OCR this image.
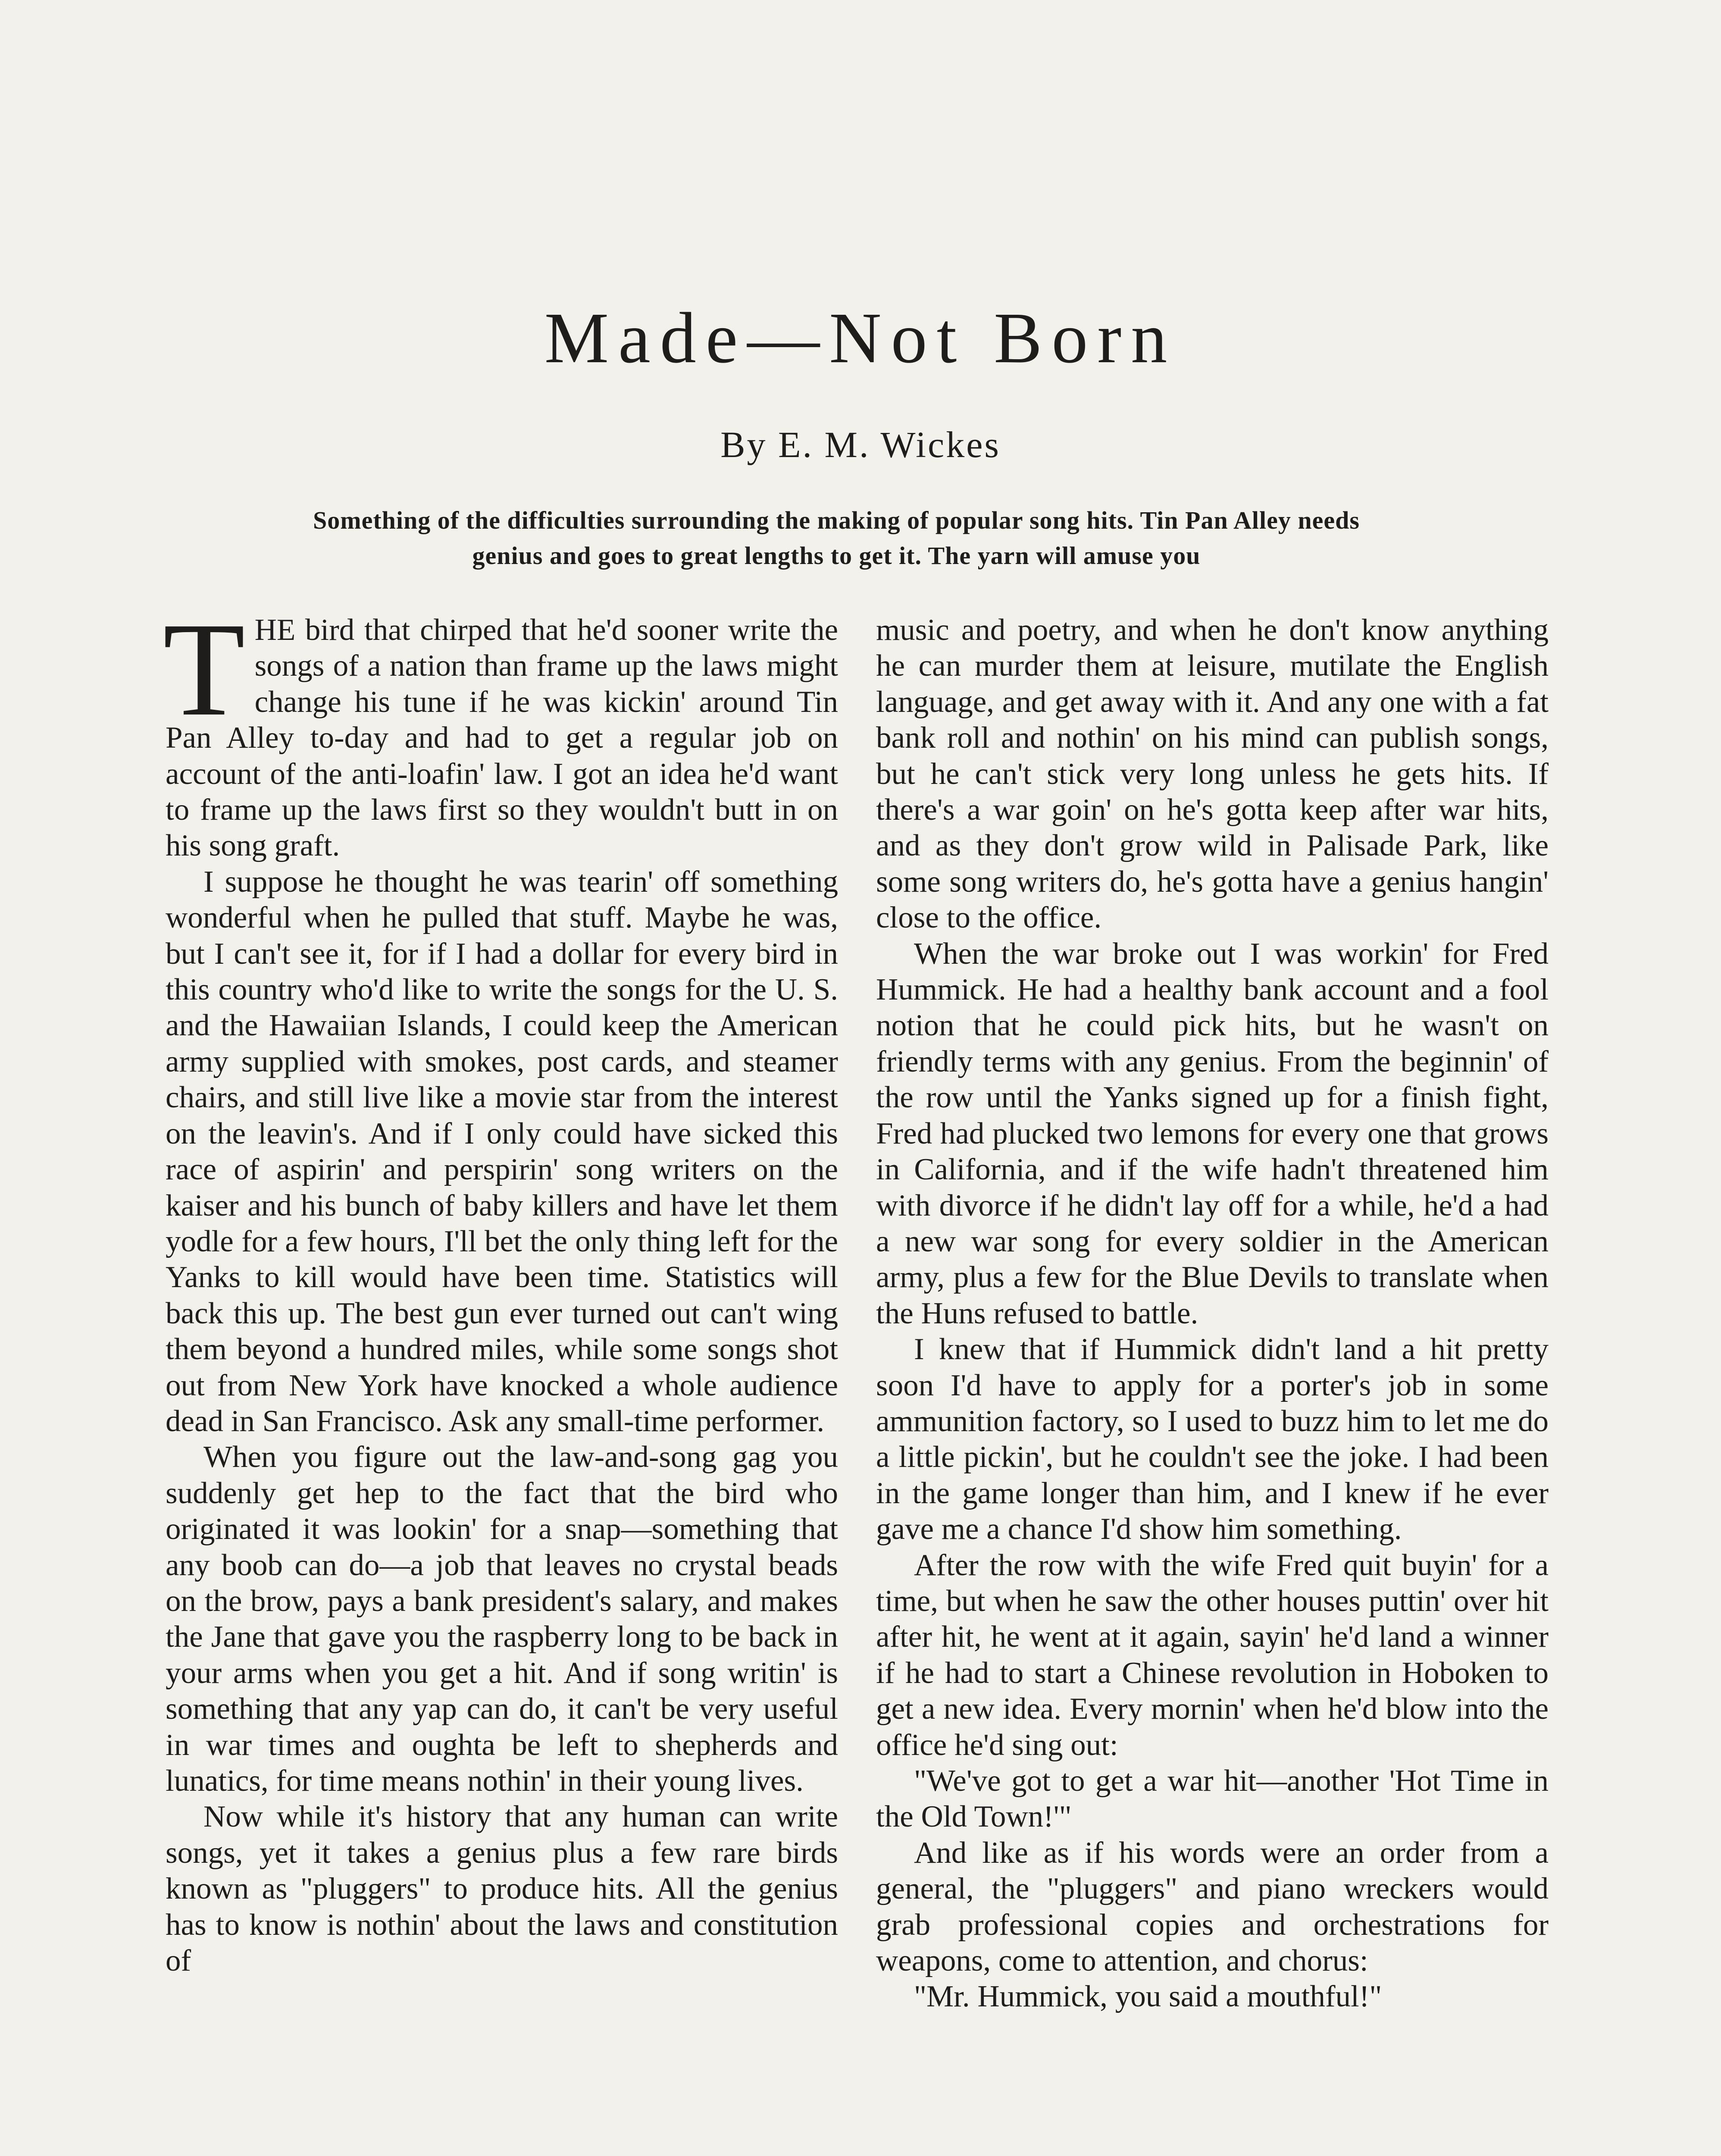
Made—Not Born
By E. M. Wickes
Something of the difficulties surrounding the making of popular song hits. Tin Pan Alley needs genius and goes to great lengths to get it. The yarn will amuse you

THE bird that chirped that he'd sooner write the songs of a nation than frame up the laws might change his tune if he was kickin' around Tin Pan Alley to-day and had to get a regular job on account of the anti-loafin' law. I got an idea he'd want to frame up the laws first so they wouldn't butt in on his song graft.

I suppose he thought he was tearin' off something wonderful when he pulled that stuff. Maybe he was, but I can't see it, for if I had a dollar for every bird in this country who'd like to write the songs for the U. S. and the Hawaiian Islands, I could keep the American army supplied with smokes, post cards, and steamer chairs, and still live like a movie star from the interest on the leavin's. And if I only could have sicked this race of aspirin' and perspirin' song writers on the kaiser and his bunch of baby killers and have let them yodle for a few hours, I'll bet the only thing left for the Yanks to kill would have been time. Statistics will back this up. The best gun ever turned out can't wing them beyond a hundred miles, while some songs shot out from New York have knocked a whole audience dead in San Francisco. Ask any small-time performer.

When you figure out the law-and-song gag you suddenly get hep to the fact that the bird who originated it was lookin' for a snap—something that any boob can do—a job that leaves no crystal beads on the brow, pays a bank president's salary, and makes the Jane that gave you the raspberry long to be back in your arms when you get a hit. And if song writin' is something that any yap can do, it can't be very useful in war times and oughta be left to shepherds and lunatics, for time means nothin' in their young lives.

Now while it's history that any human can write songs, yet it takes a genius plus a few rare birds known as "pluggers" to produce hits. All the genius has to know is nothin' about the laws and constitution of

music and poetry, and when he don't know anything he can murder them at leisure, mutilate the English language, and get away with it. And any one with a fat bank roll and nothin' on his mind can publish songs, but he can't stick very long unless he gets hits. If there's a war goin' on he's gotta keep after war hits, and as they don't grow wild in Palisade Park, like some song writers do, he's gotta have a genius hangin' close to the office.

When the war broke out I was workin' for Fred Hummick. He had a healthy bank account and a fool notion that he could pick hits, but he wasn't on friendly terms with any genius. From the beginnin' of the row until the Yanks signed up for a finish fight, Fred had plucked two lemons for every one that grows in California, and if the wife hadn't threatened him with divorce if he didn't lay off for a while, he'd a had a new war song for every soldier in the American army, plus a few for the Blue Devils to translate when the Huns refused to battle.

I knew that if Hummick didn't land a hit pretty soon I'd have to apply for a porter's job in some ammunition factory, so I used to buzz him to let me do a little pickin', but he couldn't see the joke. I had been in the game longer than him, and I knew if he ever gave me a chance I'd show him something.

After the row with the wife Fred quit buyin' for a time, but when he saw the other houses puttin' over hit after hit, he went at it again, sayin' he'd land a winner if he had to start a Chinese revolution in Hoboken to get a new idea. Every mornin' when he'd blow into the office he'd sing out:

"We've got to get a war hit—another 'Hot Time in the Old Town!'"

And like as if his words were an order from a general, the "pluggers" and piano wreckers would grab professional copies and orchestrations for weapons, come to attention, and chorus:

"Mr. Hummick, you said a mouthful!"
